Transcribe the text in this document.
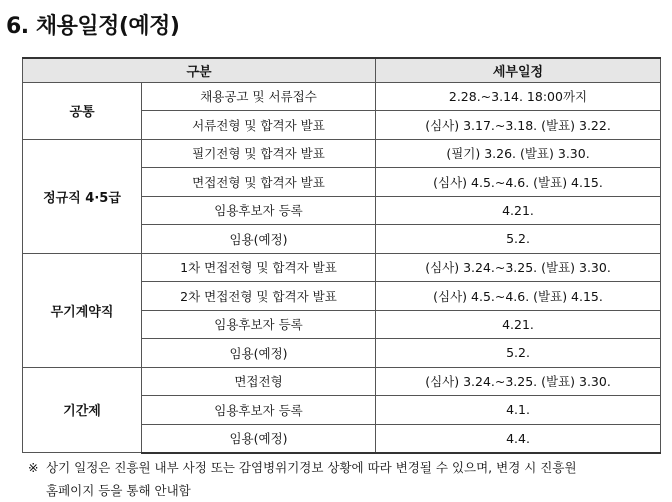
6. 채용일정(예정)
구분		세부일정
공통	채용공고 및 서류접수	2.28.~3.14. 18:00까지
	서류전형 및 합격자 발표	(심사) 3.17.~3.18. (발표) 3.22.
정규직 4·5급	필기전형 및 합격자 발표	(필기) 3.26. (발표) 3.30.
	면접전형 및 합격자 발표	(심사) 4.5.~4.6. (발표) 4.15.
	임용후보자 등록	4.21.
	임용(예정)	5.2.
무기계약직	1차 면접전형 및 합격자 발표	(심사) 3.24.~3.25. (발표) 3.30.
	2차 면접전형 및 합격자 발표	(심사) 4.5.~4.6. (발표) 4.15.
	임용후보자 등록	4.21.
	임용(예정)	5.2.
기간제	면접전형	(심사) 3.24.~3.25. (발표) 3.30.
	임용후보자 등록	4.1.
	임용(예정)	4.4.
※ 상기 일정은 진흥원 내부 사정 또는 감염병위기경보 상황에 따라 변경될 수 있으며, 변경 시 진흥원
홈페이지 등을 통해 안내함
